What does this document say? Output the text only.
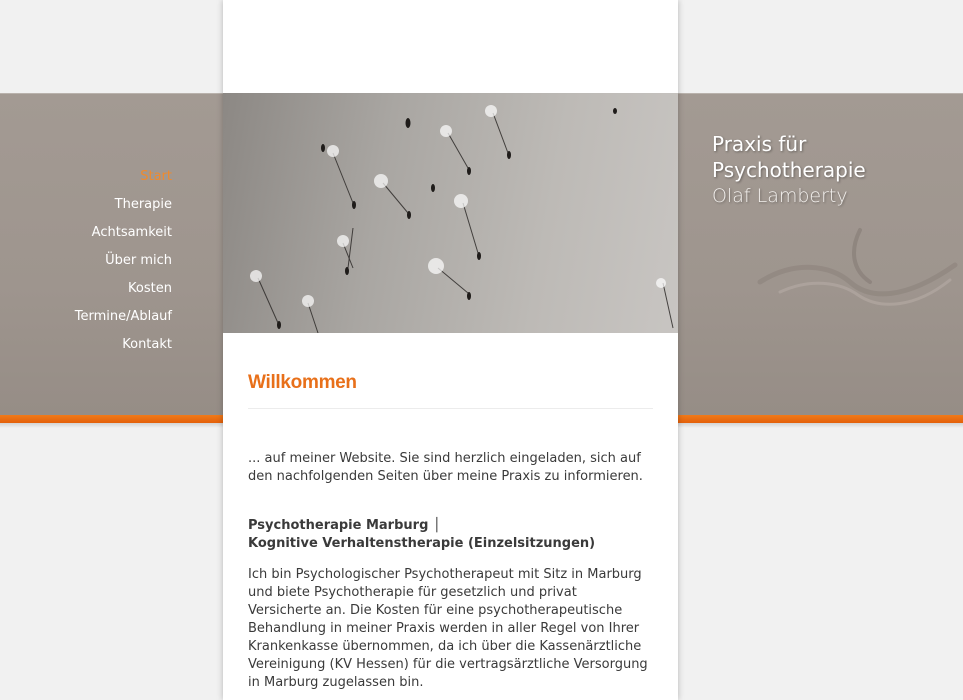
Start
Therapie
Achtsamkeit
Über mich
Kosten
Termine/Ablauf
Kontakt
Willkommen

... auf meiner Website. Sie sind herzlich eingeladen, sich auf den nachfolgenden Seiten über meine Praxis zu informieren.

Psychotherapie Marburg │
Kognitive Verhaltenstherapie (Einzelsitzungen)

Ich bin Psychologischer Psychotherapeut mit Sitz in Marburg und biete Psychotherapie für gesetzlich und privat Versicherte an. Die Kosten für eine psychotherapeutische Behandlung in meiner Praxis werden in aller Regel von Ihrer Krankenkasse übernommen, da ich über die Kassenärztliche Vereinigung (KV Hessen) für die vertragsärztliche Versorgung in Marburg zugelassen bin.

Praxis für Psychotherapie
Olaf Lamberty
